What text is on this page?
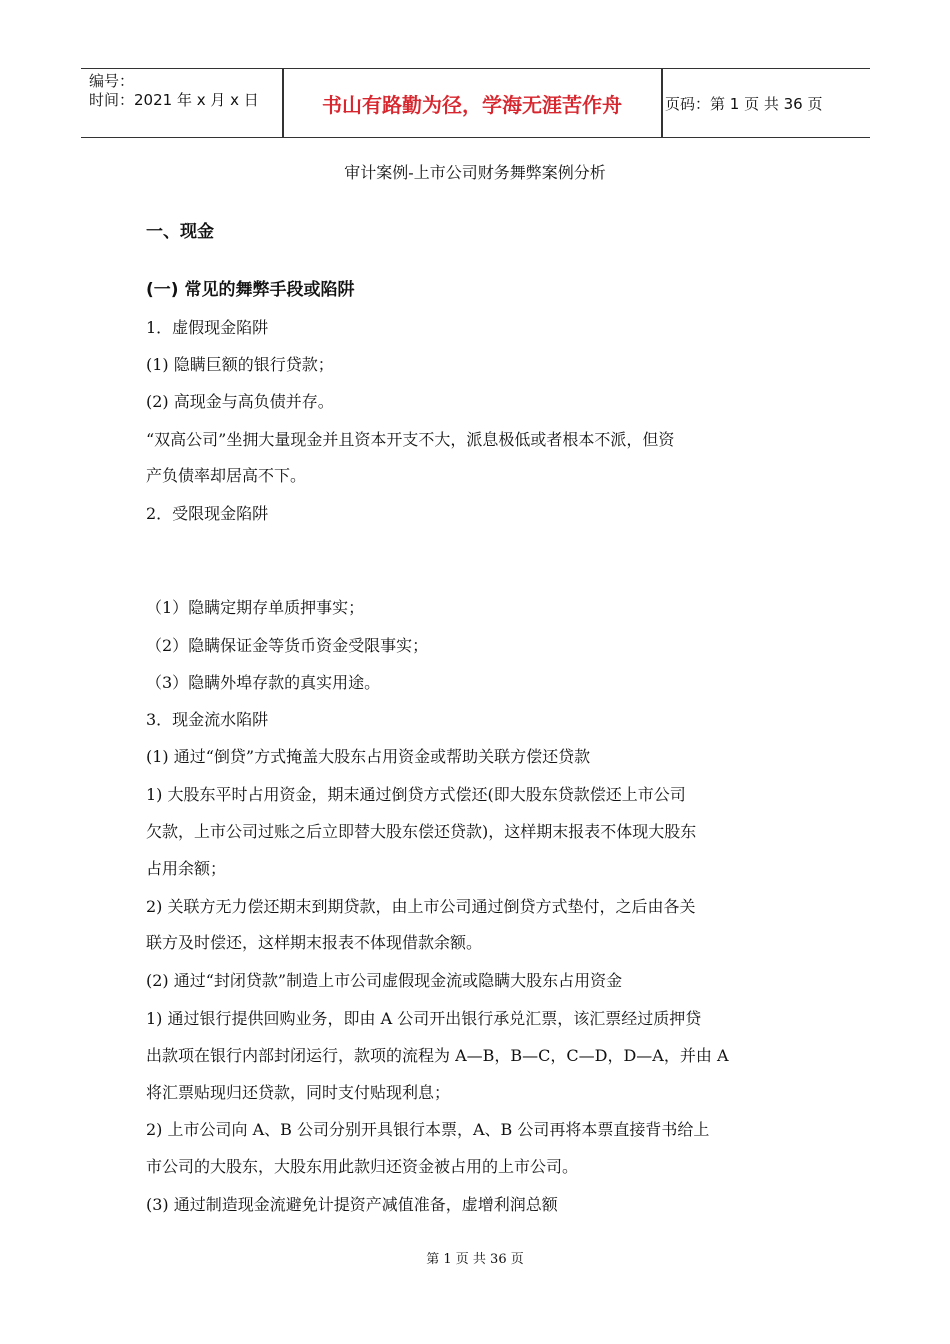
编号：
时间：2021 年 x 月 x 日	书山有路勤为径，学海无涯苦作舟	页码：第 1 页 共 36 页
审计案例-上市公司财务舞弊案例分析
一、现金
(一) 常见的舞弊手段或陷阱
1．虚假现金陷阱
(1) 隐瞒巨额的银行贷款；
(2) 高现金与高负债并存。
“双高公司”坐拥大量现金并且资本开支不大，派息极低或者根本不派，但资
产负债率却居高不下。
2．受限现金陷阱
（1）隐瞒定期存单质押事实；
（2）隐瞒保证金等货币资金受限事实；
（3）隐瞒外埠存款的真实用途。
3．现金流水陷阱
(1) 通过“倒贷”方式掩盖大股东占用资金或帮助关联方偿还贷款
1) 大股东平时占用资金，期末通过倒贷方式偿还(即大股东贷款偿还上市公司
欠款，上市公司过账之后立即替大股东偿还贷款)，这样期末报表不体现大股东
占用余额；
2) 关联方无力偿还期末到期贷款，由上市公司通过倒贷方式垫付，之后由各关
联方及时偿还，这样期末报表不体现借款余额。
(2) 通过“封闭贷款”制造上市公司虚假现金流或隐瞒大股东占用资金
1) 通过银行提供回购业务，即由 A 公司开出银行承兑汇票，该汇票经过质押贷
出款项在银行内部封闭运行，款项的流程为 A—B，B—C，C—D，D—A，并由 A
将汇票贴现归还贷款，同时支付贴现利息；
2) 上市公司向 A、B 公司分别开具银行本票，A、B 公司再将本票直接背书给上
市公司的大股东，大股东用此款归还资金被占用的上市公司。
(3) 通过制造现金流避免计提资产减值准备，虚增利润总额
第 1 页 共 36 页
